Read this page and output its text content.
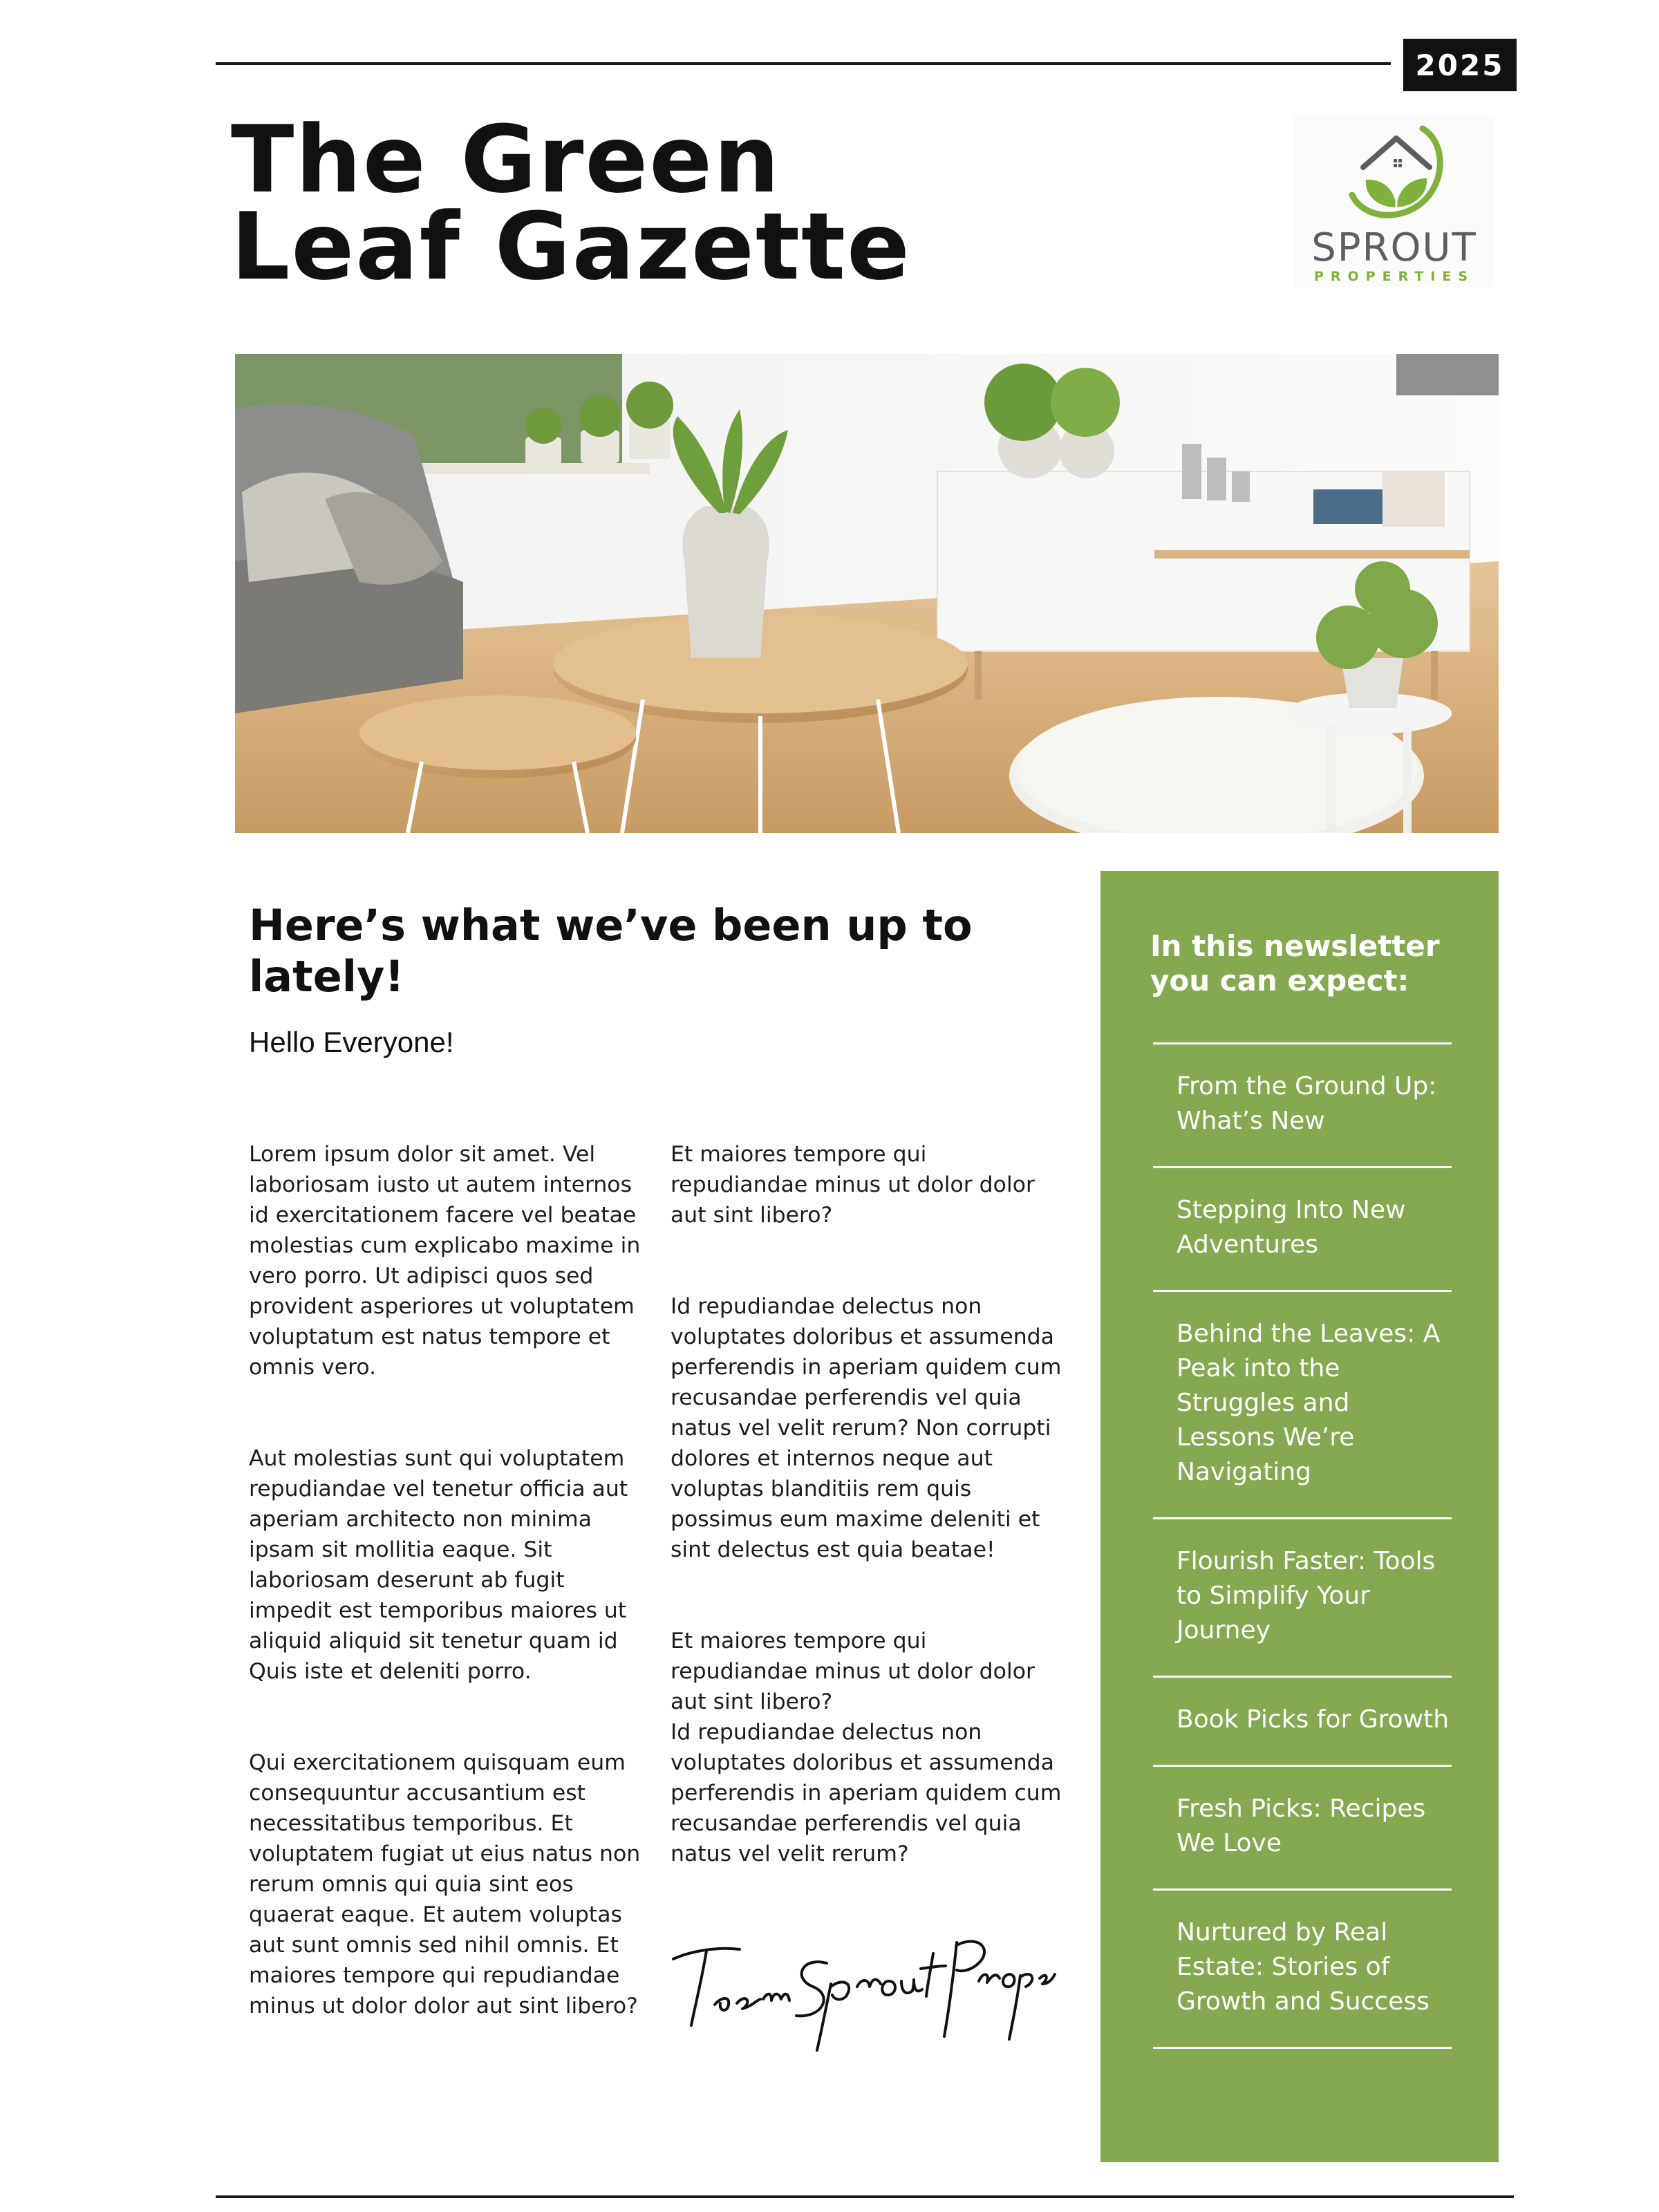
2025
The Green
Leaf Gazette	SPROUT
PROPERTIES
Here’s what we’ve been up to lately!
Hello Everyone!

Lorem ipsum dolor sit amet. Vel laboriosam iusto ut autem internos id exercitationem facere vel beatae molestias cum explicabo maxime in vero porro. Ut adipisci quos sed provident asperiores ut voluptatem voluptatum est natus tempore et omnis vero.

Aut molestias sunt qui voluptatem repudiandae vel tenetur officia aut aperiam architecto non minima ipsam sit mollitia eaque. Sit laboriosam deserunt ab fugit impedit est temporibus maiores ut aliquid aliquid sit tenetur quam id Quis iste et deleniti porro.

Qui exercitationem quisquam eum consequuntur accusantium est necessitatibus temporibus. Et voluptatem fugiat ut eius natus non rerum omnis qui quia sint eos quaerat eaque. Et autem voluptas aut sunt omnis sed nihil omnis. Et maiores tempore qui repudiandae minus ut dolor dolor aut sint libero?

Et maiores tempore qui repudiandae minus ut dolor dolor aut sint libero?

Id repudiandae delectus non voluptates doloribus et assumenda perferendis in aperiam quidem cum recusandae perferendis vel quia natus vel velit rerum? Non corrupti dolores et internos neque aut voluptas blanditiis rem quis possimus eum maxime deleniti et sint delectus est quia beatae!

Et maiores tempore qui repudiandae minus ut dolor dolor aut sint libero?
Id repudiandae delectus non voluptates doloribus et assumenda perferendis in aperiam quidem cum recusandae perferendis vel quia natus vel velit rerum?

In this newsletter you can expect:
From the Ground Up: What’s New
Stepping Into New Adventures
Behind the Leaves: A Peak into the Struggles and Lessons We’re Navigating
Flourish Faster: Tools to Simplify Your Journey
Book Picks for Growth
Fresh Picks: Recipes We Love
Nurtured by Real Estate: Stories of Growth and Success
